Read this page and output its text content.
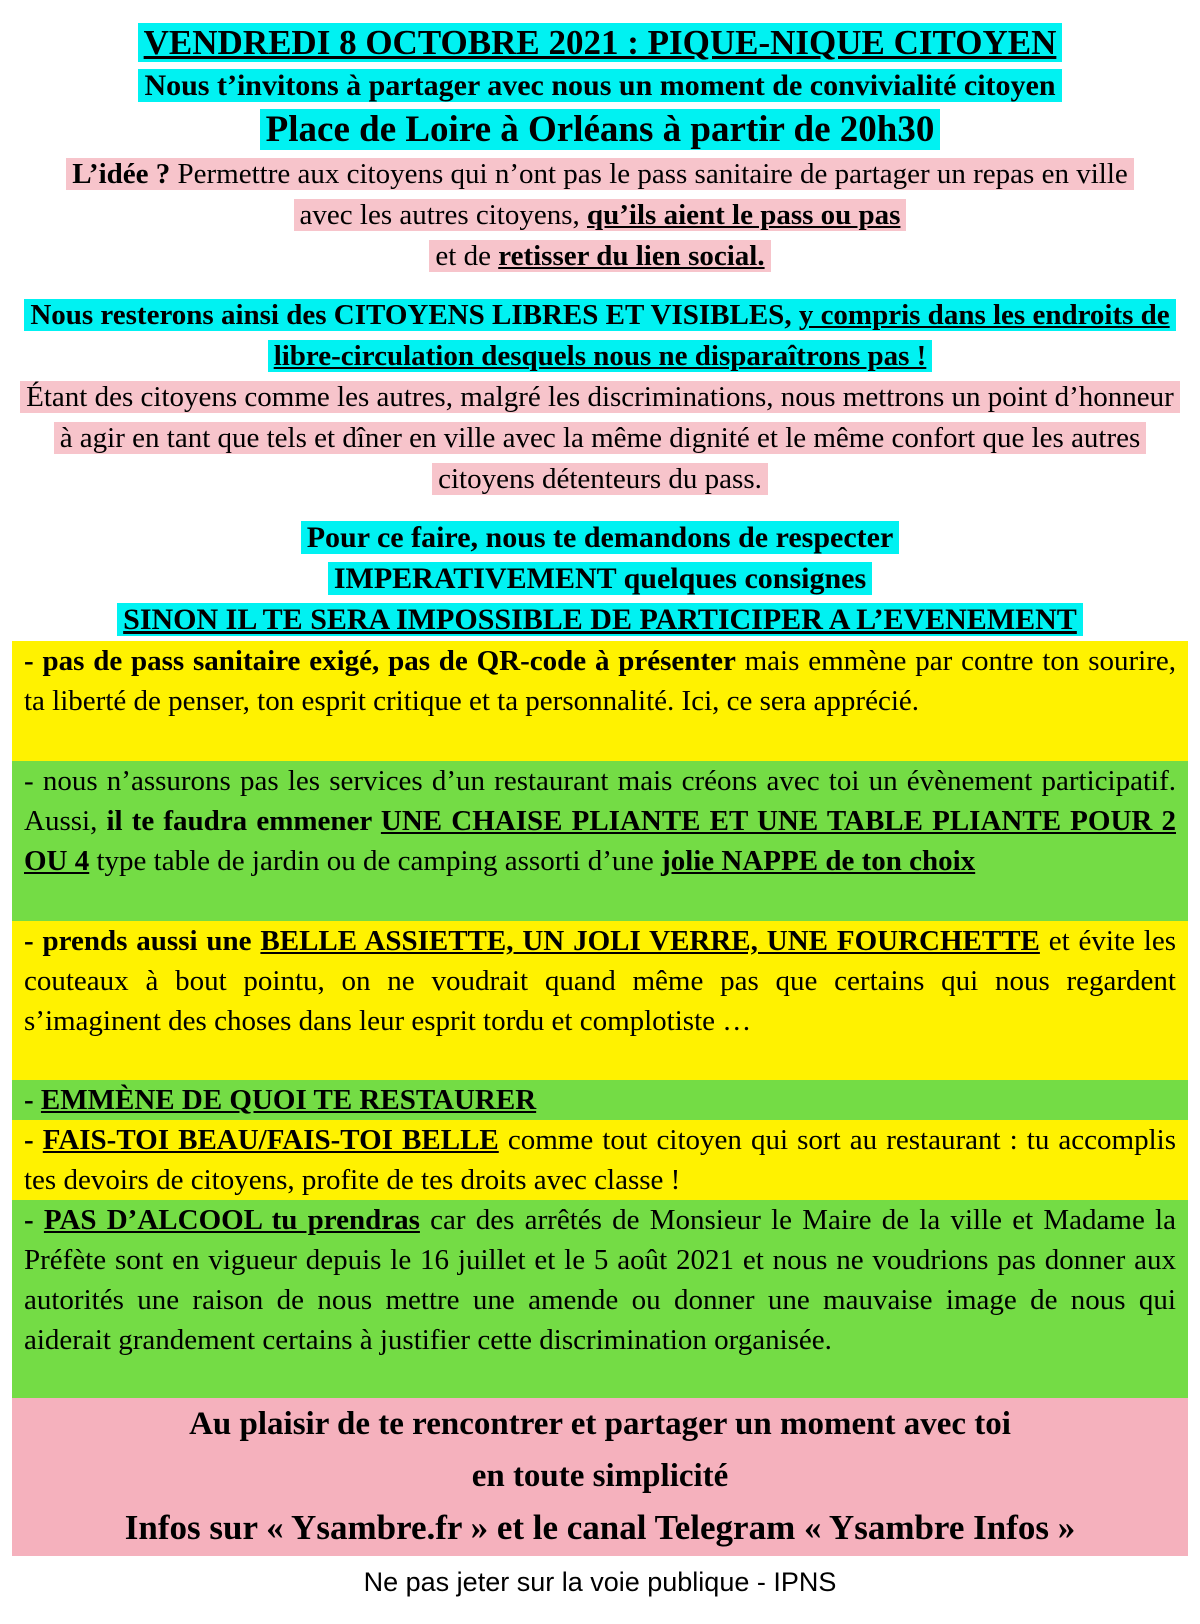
VENDREDI 8 OCTOBRE 2021 : PIQUE-NIQUE CITOYEN
Nous t’invitons à partager avec nous un moment de convivialité citoyen
Place de Loire à Orléans à partir de 20h30
L’idée ? Permettre aux citoyens qui n’ont pas le pass sanitaire de partager un repas en ville avec les autres citoyens, qu’ils aient le pass ou pas
et de retisser du lien social.
Nous resterons ainsi des CITOYENS LIBRES ET VISIBLES, y compris dans les endroits de libre-circulation desquels nous ne disparaîtrons pas !
Étant des citoyens comme les autres, malgré les discriminations, nous mettrons un point d’honneur à agir en tant que tels et dîner en ville avec la même dignité et le même confort que les autres citoyens détenteurs du pass.
Pour ce faire, nous te demandons de respecter
IMPERATIVEMENT quelques consignes
SINON IL TE SERA IMPOSSIBLE DE PARTICIPER A L’EVENEMENT
- pas de pass sanitaire exigé, pas de QR-code à présenter mais emmène par contre ton sourire, ta liberté de penser, ton esprit critique et ta personnalité. Ici, ce sera apprécié.
- nous n’assurons pas les services d’un restaurant mais créons avec toi un évènement participatif. Aussi, il te faudra emmener UNE CHAISE PLIANTE ET UNE TABLE PLIANTE POUR 2 OU 4 type table de jardin ou de camping assorti d’une jolie NAPPE de ton choix
- prends aussi une BELLE ASSIETTE, UN JOLI VERRE, UNE FOURCHETTE et évite les couteaux à bout pointu, on ne voudrait quand même pas que certains qui nous regardent s’imaginent des choses dans leur esprit tordu et complotiste …
- EMMÈNE DE QUOI TE RESTAURER
- FAIS-TOI BEAU/FAIS-TOI BELLE comme tout citoyen qui sort au restaurant : tu accomplis tes devoirs de citoyens, profite de tes droits avec classe !
- PAS D’ALCOOL tu prendras car des arrêtés de Monsieur le Maire de la ville et Madame la Préfète sont en vigueur depuis le 16 juillet et le 5 août 2021 et nous ne voudrions pas donner aux autorités une raison de nous mettre une amende ou donner une mauvaise image de nous qui aiderait grandement certains à justifier cette discrimination organisée.
Au plaisir de te rencontrer et partager un moment avec toi
en toute simplicité
Infos sur « Ysambre.fr » et le canal Telegram « Ysambre Infos »
Ne pas jeter sur la voie publique - IPNS
